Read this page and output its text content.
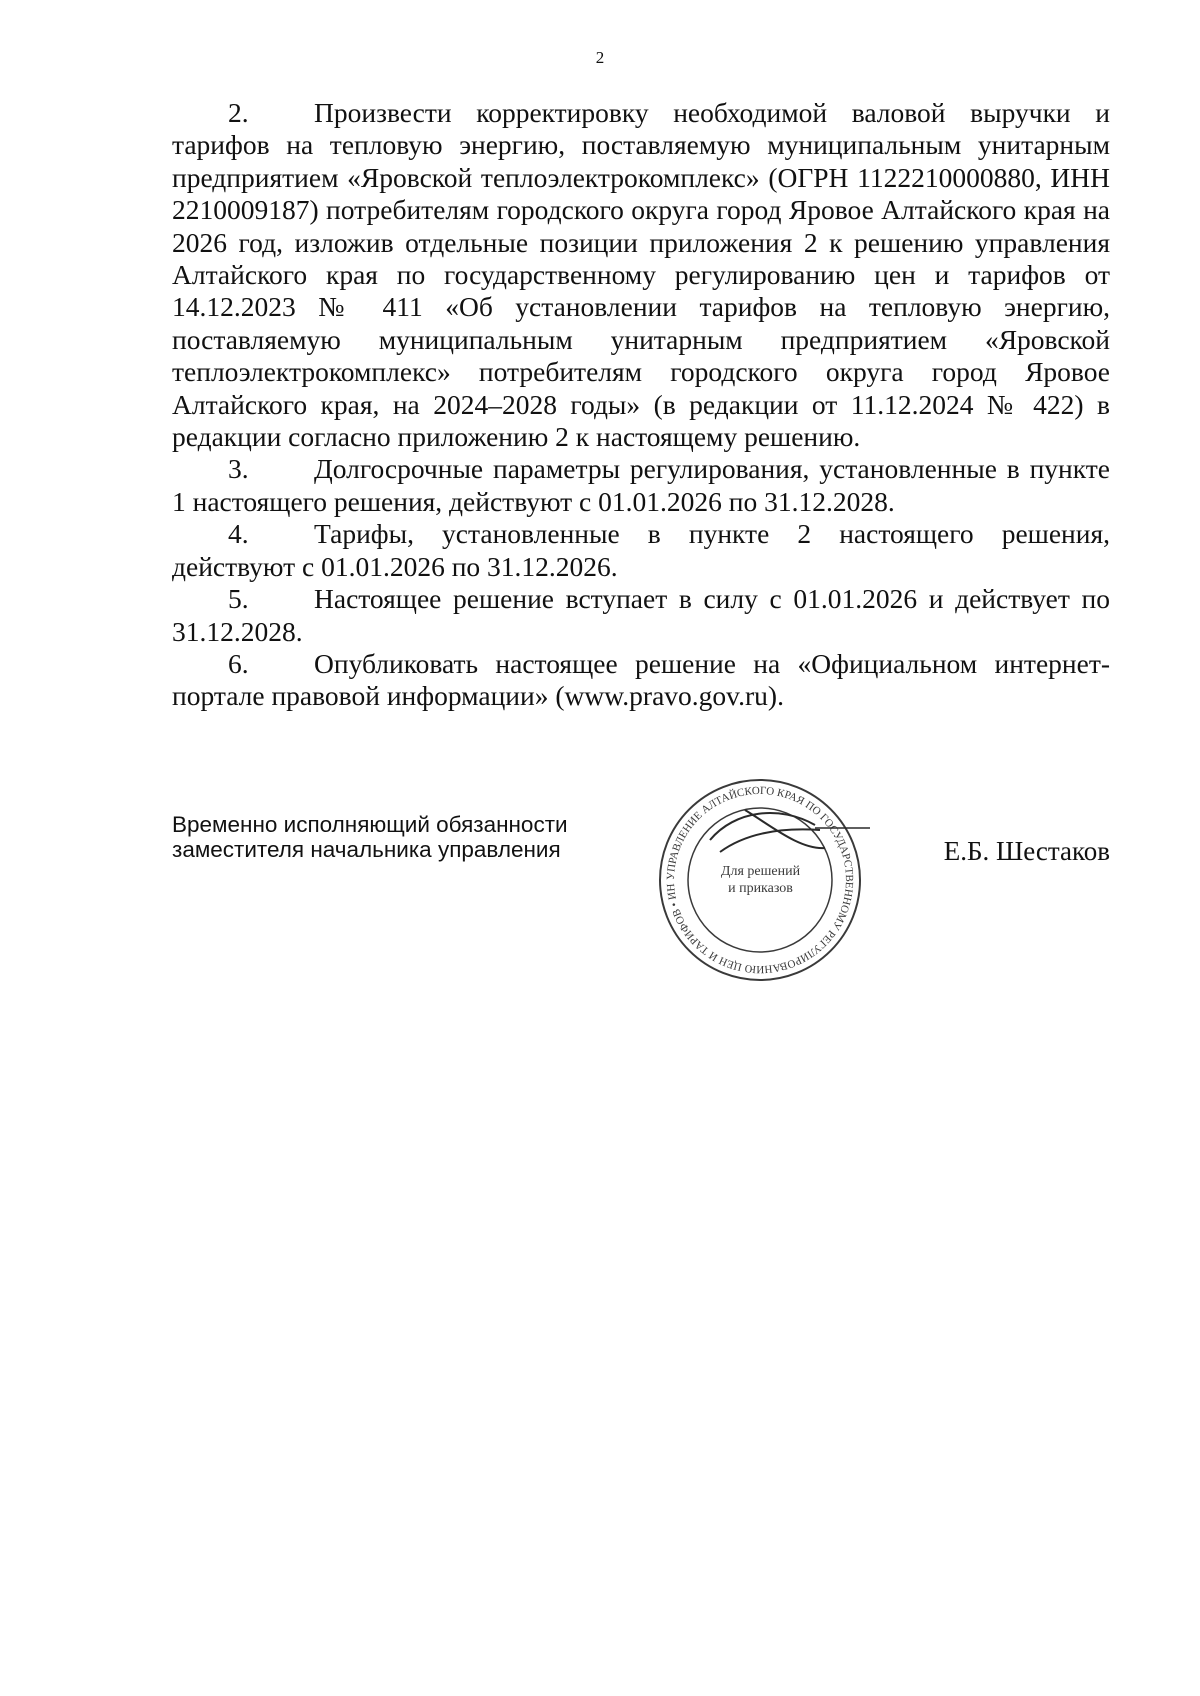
2

2. Произвести корректировку необходимой валовой выручки и тарифов на тепловую энергию, поставляемую муниципальным унитарным предприятием «Яровской теплоэлектрокомплекс» (ОГРН 1122210000880, ИНН 2210009187) потребителям городского округа город Яровое Алтайского края на 2026 год, изложив отдельные позиции приложения 2 к решению управления Алтайского края по государственному регулированию цен и тарифов от 14.12.2023 № 411 «Об установлении тарифов на тепловую энергию, поставляемую муниципальным унитарным предприятием «Яровской теплоэлектрокомплекс» потребителям городского округа город Яровое Алтайского края, на 2024–2028 годы» (в редакции от 11.12.2024 № 422) в редакции согласно приложению 2 к настоящему решению.

3. Долгосрочные параметры регулирования, установленные в пункте 1 настоящего решения, действуют с 01.01.2026 по 31.12.2028.

4. Тарифы, установленные в пункте 2 настоящего решения, действуют с 01.01.2026 по 31.12.2026.

5. Настоящее решение вступает в силу с 01.01.2026 и действует по 31.12.2028.

6. Опубликовать настоящее решение на «Официальном интернет-портале правовой информации» (www.pravo.gov.ru).

Временно исполняющий обязанности
заместителя начальника управления
УПРАВЛЕНИЕ АЛТАЙСКОГО КРАЯ ПО ГОСУДАРСТВЕННОМУ РЕГУЛИРОВАНИЮ ЦЕН И ТАРИФОВ • ИН
Для решений
и приказов
Е.Б. Шестаков
